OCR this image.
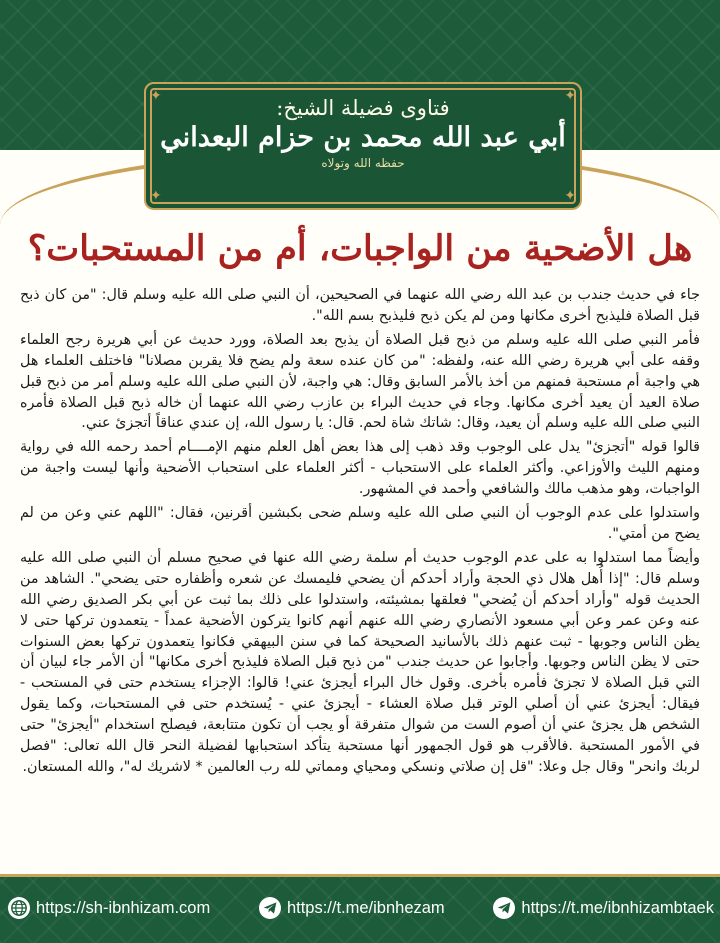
✦	✦
✦	✦
فتاوى فضيلة الشيخ:
أبي عبد الله محمد بن حزام البعداني
حفظه الله وتولاه
هل الأضحية من الواجبات، أم من المستحبات؟

جاء في حديث جندب بن عبد الله رضي الله عنهما في الصحيحين، أن النبي صلى الله عليه وسلم قال: "من كان ذبح قبل الصلاة فليذبح أخرى مكانها ومن لم يكن ذبح فليذبح بسم الله".

فأمر النبي صلى الله عليه وسلم من ذبح قبل الصلاة أن يذبح بعد الصلاة، وورد حديث عن أبي هريرة رجح العلماء وقفه على أبي هريرة رضي الله عنه، ولفظه: "من كان عنده سعة ولم يضح فلا يقربن مصلانا" فاختلف العلماء هل هي واجبة أم مستحبة فمنهم من أخذ بالأمر السابق وقال: هي واجبة، لأن النبي صلى الله عليه وسلم أمر من ذبح قبل صلاة العيد أن يعيد أخرى مكانها. وجاء في حديث البراء بن عازب رضي الله عنهما أن خاله ذبح قبل الصلاة فأمره النبي صلى الله عليه وسلم أن يعيد، وقال: شاتك شاة لحم. قال: يا رسول الله، إن عندي عناقاً أتجزئ عني.

قالوا قوله "أتجزئ" يدل على الوجوب وقد ذهب إلى هذا بعض أهل العلم منهم الإمــــام أحمد رحمه الله في رواية ومنهم الليث والأوزاعي. وأكثر العلماء على الاستحباب - أكثر العلماء على استحباب الأضحية وأنها ليست واجبة من الواجبات، وهو مذهب مالك والشافعي وأحمد في المشهور.

واستدلوا على عدم الوجوب أن النبي صلى الله عليه وسلم ضحى بكبشين أقرنين، فقال: "اللهم عني وعن من لم يضح من أمتي".

وأيضاً مما استدلوا به على عدم الوجوب حديث أم سلمة رضي الله عنها في صحيح مسلم أن النبي صلى الله عليه وسلم قال: "إذا أُهل هلال ذي الحجة وأراد أحدكم أن يضحي فليمسك عن شعره وأظفاره حتى يضحي". الشاهد من الحديث قوله "وأراد أحدكم أن يُضحي" فعلقها بمشيئته، واستدلوا على ذلك بما ثبت عن أبي بكر الصديق رضي الله عنه وعن عمر وعن أبي مسعود الأنصاري رضي الله عنهم أنهم كانوا يتركون الأضحية عمداً - يتعمدون تركها حتى لا يظن الناس وجوبها - ثبت عنهم ذلك بالأسانيد الصحيحة كما في سنن البيهقي فكانوا يتعمدون تركها بعض السنوات حتى لا يظن الناس وجوبها. وأجابوا عن حديث جندب "من ذبح قبل الصلاة فليذبح أخرى مكانها" أن الأمر جاء لبيان أن التي قبل الصلاة لا تجزئ فأمره بأخرى. وقول خال البراء أيجزئ عني! قالوا: الإجزاء يستخدم حتى في المستحب - فيقال: أيجزئ عني أن أصلي الوتر قبل صلاة العشاء - أيجزئ عني - يُستخدم حتى في المستحبات، وكما يقول الشخص هل يجزئ عني أن أصوم الست من شوال متفرقة أو يجب أن تكون متتابعة، فيصلح استخدام "أيجزئ" حتى في الأمور المستحبة .فالأقرب هو قول الجمهور أنها مستحبة يتأكد استحبابها لفضيلة النحر قال الله تعالى: "فصل لربك وانحر" وقال جل وعلا: "قل إن صلاتي ونسكي ومحياي ومماتي لله رب العالمين * لاشريك له"، والله المستعان.

https://sh-ibnhizam.com	https://t.me/ibnhezam	https://t.me/ibnhizambtaek
